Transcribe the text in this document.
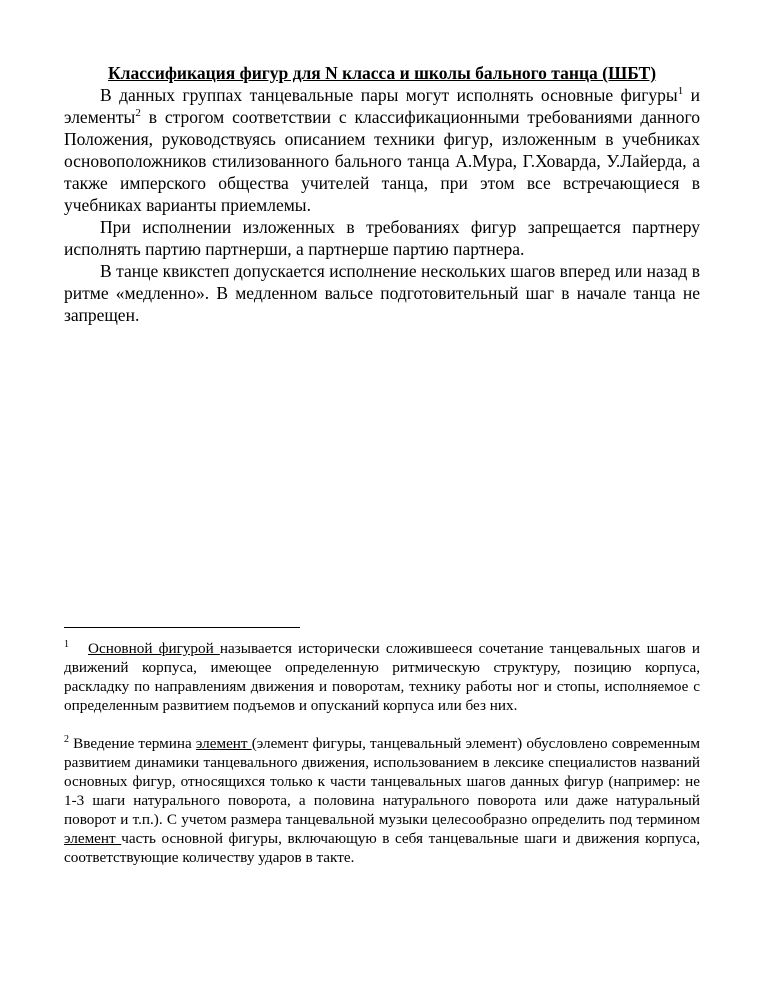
Классификация фигур для N класса и школы бального танца (ШБТ)

В данных группах танцевальные пары могут исполнять основные фигуры$^1$ и элементы$^2$ в строгом соответствии с классификационными требованиями данного Положения, руководствуясь описанием техники фигур, изложенным в учебниках основоположников стилизованного бального танца А.Мура, Г.Ховарда, У.Лайерда, а также имперского общества учителей танца, при этом все встречающиеся в учебниках варианты приемлемы.

При исполнении изложенных в требованиях фигур запрещается партнеру исполнять партию партнерши, а партнерше партию партнера.

В танце квикстеп допускается исполнение нескольких шагов вперед или назад в ритме «медленно». В медленном вальсе подготовительный шаг в начале танца не запрещен.

$^1$ Основной фигурой называется исторически сложившееся сочетание танцевальных шагов и движений корпуса, имеющее определенную ритмическую структуру, позицию корпуса, раскладку по направлениям движения и поворотам, технику работы ног и стопы, исполняемое с определенным развитием подъемов и опусканий корпуса или без них.

$^2$ Введение термина элемент (элемент фигуры, танцевальный элемент) обусловлено современным развитием динамики танцевального движения, использованием в лексике специалистов названий основных фигур, относящихся только к части танцевальных шагов данных фигур (например: не 1-3 шаги натурального поворота, а половина натурального поворота или даже натуральный поворот и т.п.). С учетом размера танцевальной музыки целесообразно определить под термином элемент часть основной фигуры, включающую в себя танцевальные шаги и движения корпуса, соответствующие количеству ударов в такте.
